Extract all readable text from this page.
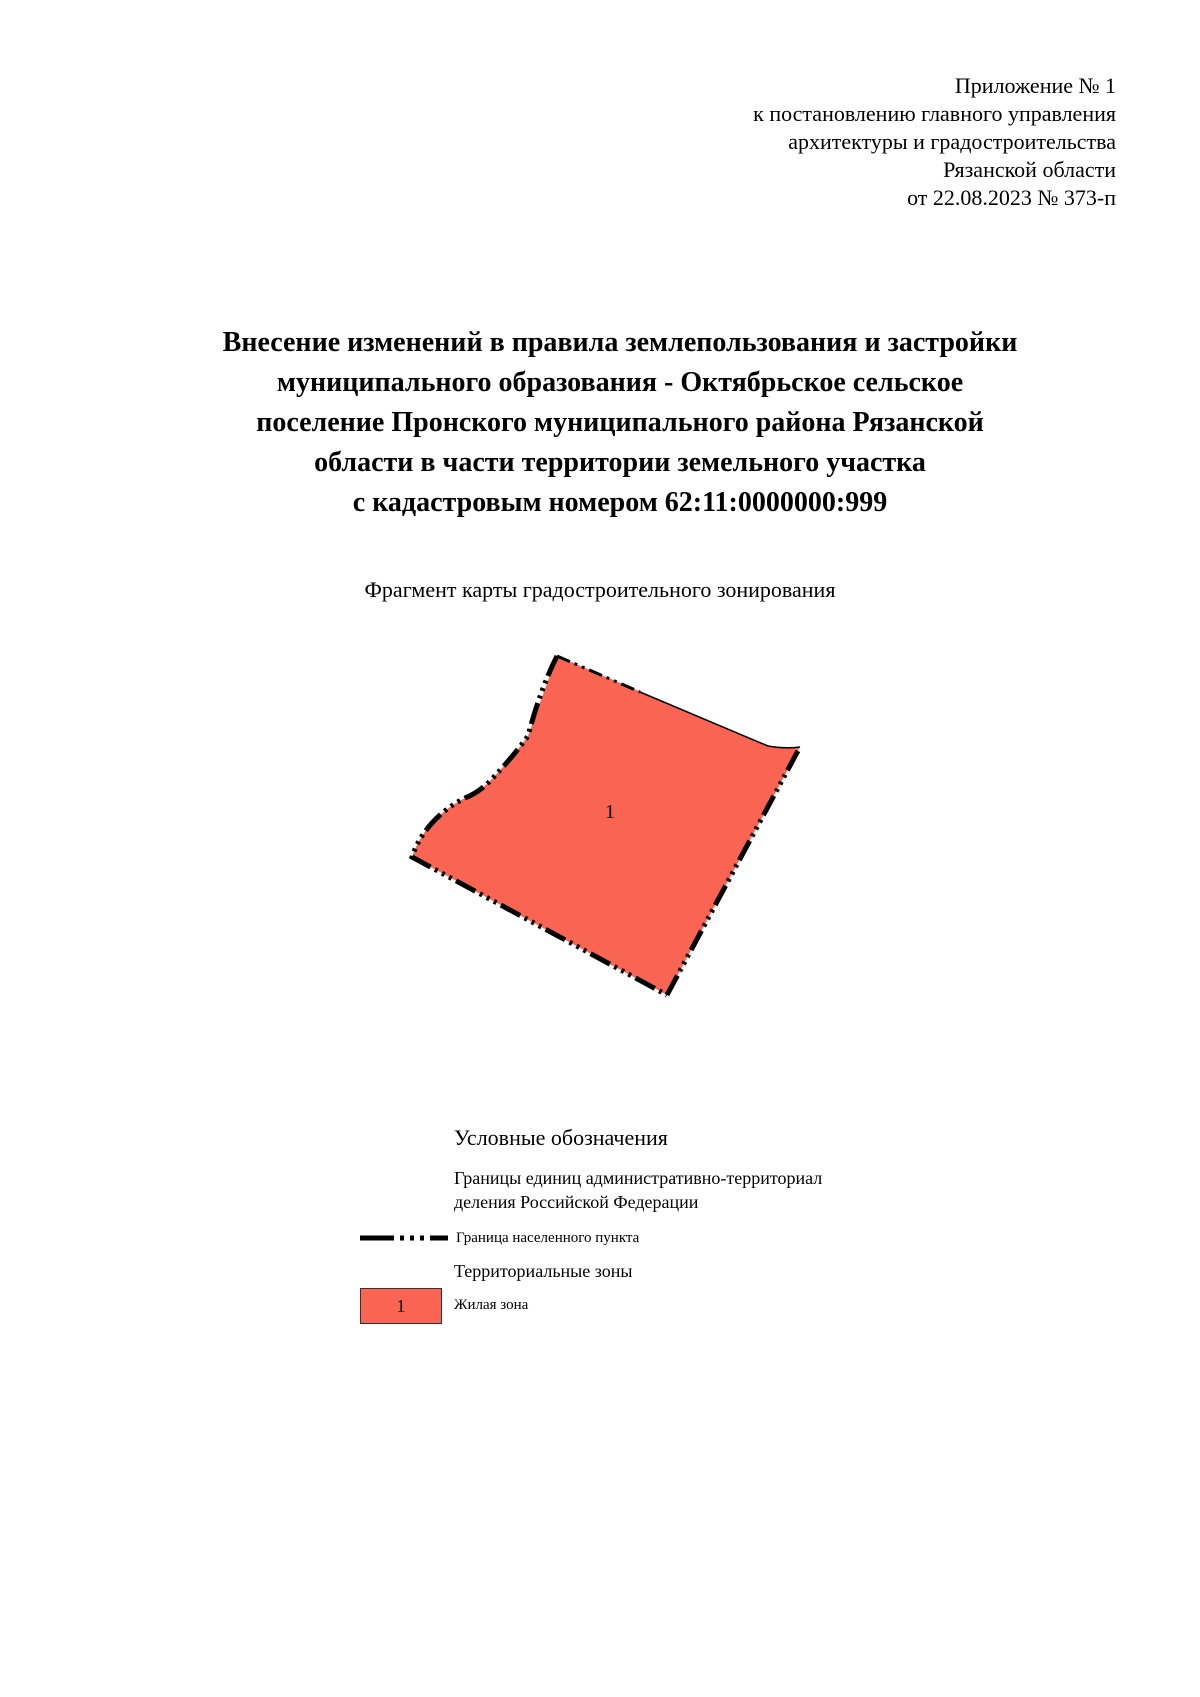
Приложение № 1
к постановлению главного управления
архитектуры и градостроительства
Рязанской области
от 22.08.2023 № 373-п
Внесение изменений в правила землепользования и застройки
муниципального образования - Октябрьское сельское
поселение Пронского муниципального района Рязанской
области в части территории земельного участка
с кадастровым номером 62:11:0000000:999
Фрагмент карты градостроительного зонирования
1
Условные обозначения
Границы единиц административно-территориал
деления Российской Федерации
Граница населенного пункта
Территориальные зоны
1	Жилая зона
